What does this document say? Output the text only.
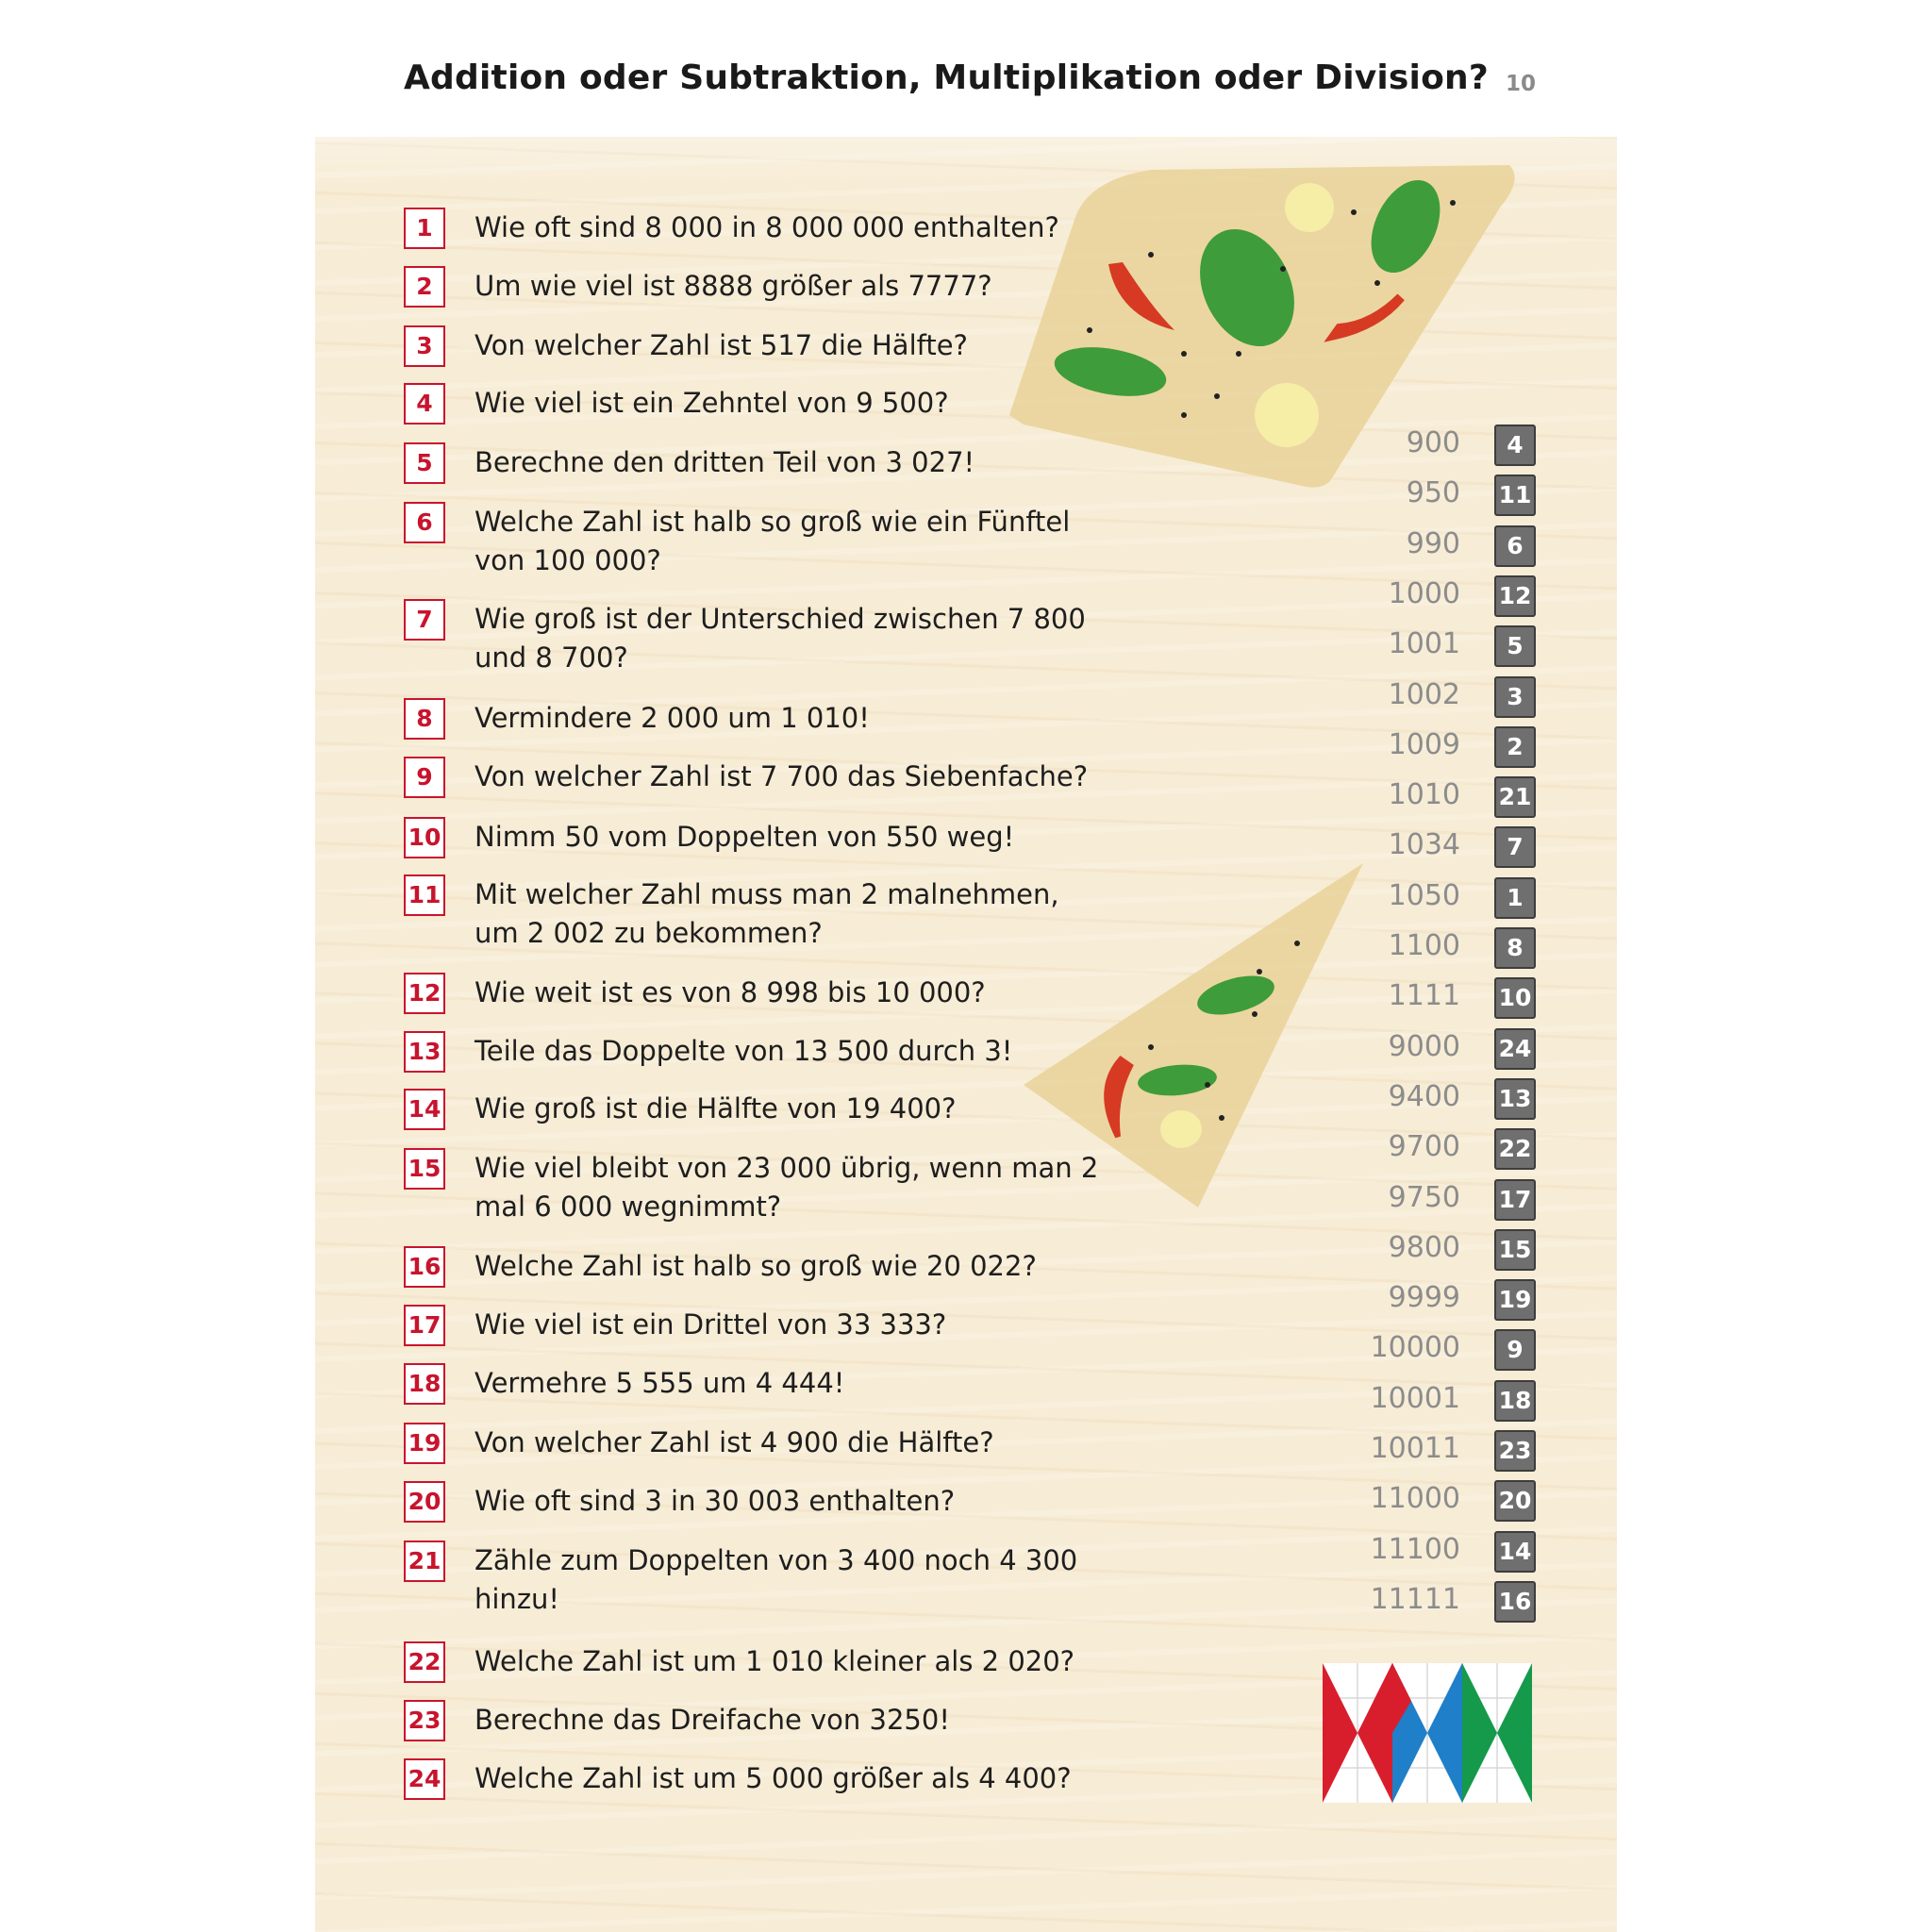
Addition oder Subtraktion, Multiplikation oder Division? 10
1	Wie oft sind 8 000 in 8 000 000 enthalten?
2	Um wie viel ist 8888 größer als 7777?
3	Von welcher Zahl ist 517 die Hälfte?
4	Wie viel ist ein Zehntel von 9 500?
5	Berechne den dritten Teil von 3 027!
6	Welche Zahl ist halb so groß wie ein Fünftel von 100 000?
7	Wie groß ist der Unterschied zwischen 7 800 und 8 700?
8	Vermindere 2 000 um 1 010!
9	Von welcher Zahl ist 7 700 das Siebenfache?
10 Nimm 50 vom Doppelten von 550 weg!
11 Mit welcher Zahl muss man 2 malnehmen, um 2 002 zu bekommen?
12 Wie weit ist es von 8 998 bis 10 000?
13 Teile das Doppelte von 13 500 durch 3!
14 Wie groß ist die Hälfte von 19 400?
15 Wie viel bleibt von 23 000 übrig, wenn man 2 mal 6 000 wegnimmt?
16 Welche Zahl ist halb so groß wie 20 022?
17 Wie viel ist ein Drittel von 33 333?
18 Vermehre 5 555 um 4 444!
19 Von welcher Zahl ist 4 900 die Hälfte?
20 Wie oft sind 3 in 30 003 enthalten?
21 Zähle zum Doppelten von 3 400 noch 4 300 hinzu!
22 Welche Zahl ist um 1 010 kleiner als 2 020?
23 Berechne das Dreifache von 3250!
24 Welche Zahl ist um 5 000 größer als 4 400?
900	4
950 11
990	6
1000 12
1001	5
1002	3
1009	2
1010 21
1034	7
1050	1
1100	8
1111 10
9000 24
9400 13
9700 22
9750 17
9800 15
9999 19
10000	9
10001 18
10011 23
11000 20
11100 14
11111 16
